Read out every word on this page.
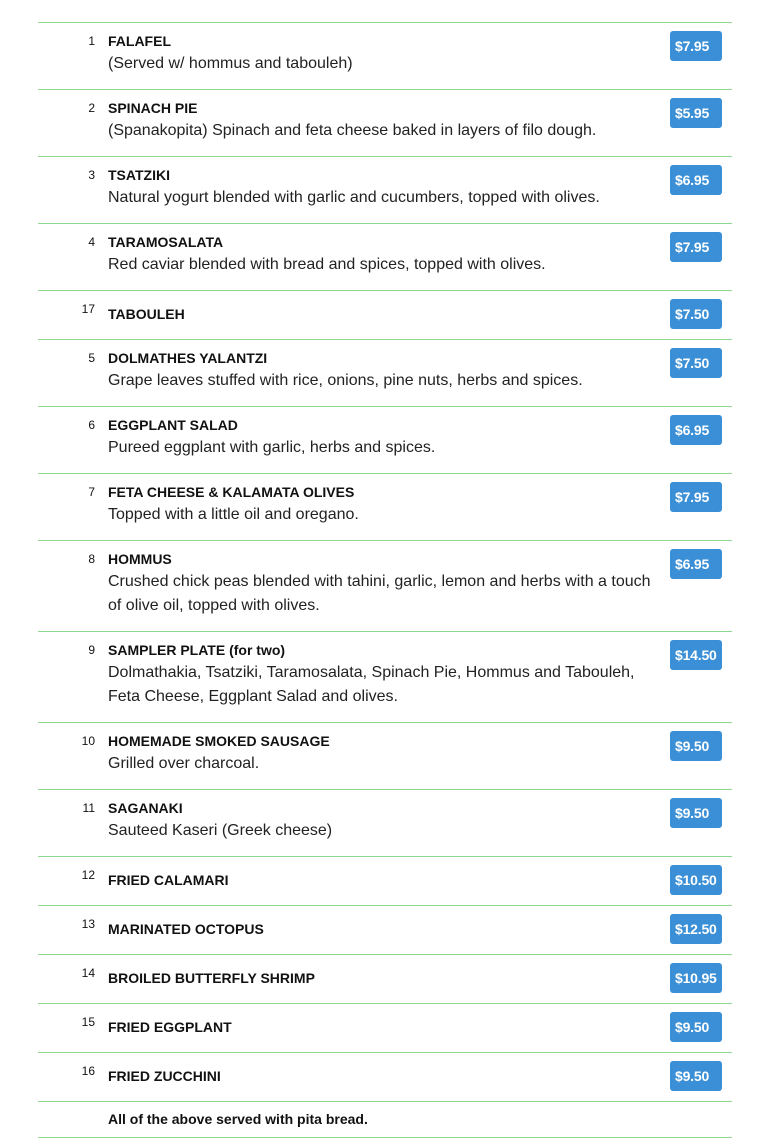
1 FALAFEL
(Served w/ hommus and tabouleh)
$7.95
2 SPINACH PIE
(Spanakopita) Spinach and feta cheese baked in layers of filo dough.
$5.95
3 TSATZIKI
Natural yogurt blended with garlic and cucumbers, topped with olives.
$6.95
4 TARAMOSALATA
Red caviar blended with bread and spices, topped with olives.
$7.95
17 TABOULEH	$7.50
5 DOLMATHES YALANTZI
Grape leaves stuffed with rice, onions, pine nuts, herbs and spices.
$7.50
6 EGGPLANT SALAD
Pureed eggplant with garlic, herbs and spices.
$6.95
7 FETA CHEESE & KALAMATA OLIVES
Topped with a little oil and oregano.
$7.95
8 HOMMUS
Crushed chick peas blended with tahini, garlic, lemon and herbs with a touch of olive oil, topped with olives.
$6.95
9 SAMPLER PLATE (for two)
Dolmathakia, Tsatziki, Taramosalata, Spinach Pie, Hommus and Tabouleh, Feta Cheese, Eggplant Salad and olives.
$14.50
10 HOMEMADE SMOKED SAUSAGE
Grilled over charcoal.
$9.50
11 SAGANAKI
Sauteed Kaseri (Greek cheese)
$9.50
12 FRIED CALAMARI	$10.50
13 MARINATED OCTOPUS	$12.50
14 BROILED BUTTERFLY SHRIMP	$10.95
15 FRIED EGGPLANT	$9.50
16 FRIED ZUCCHINI	$9.50
All of the above served with pita bread.
